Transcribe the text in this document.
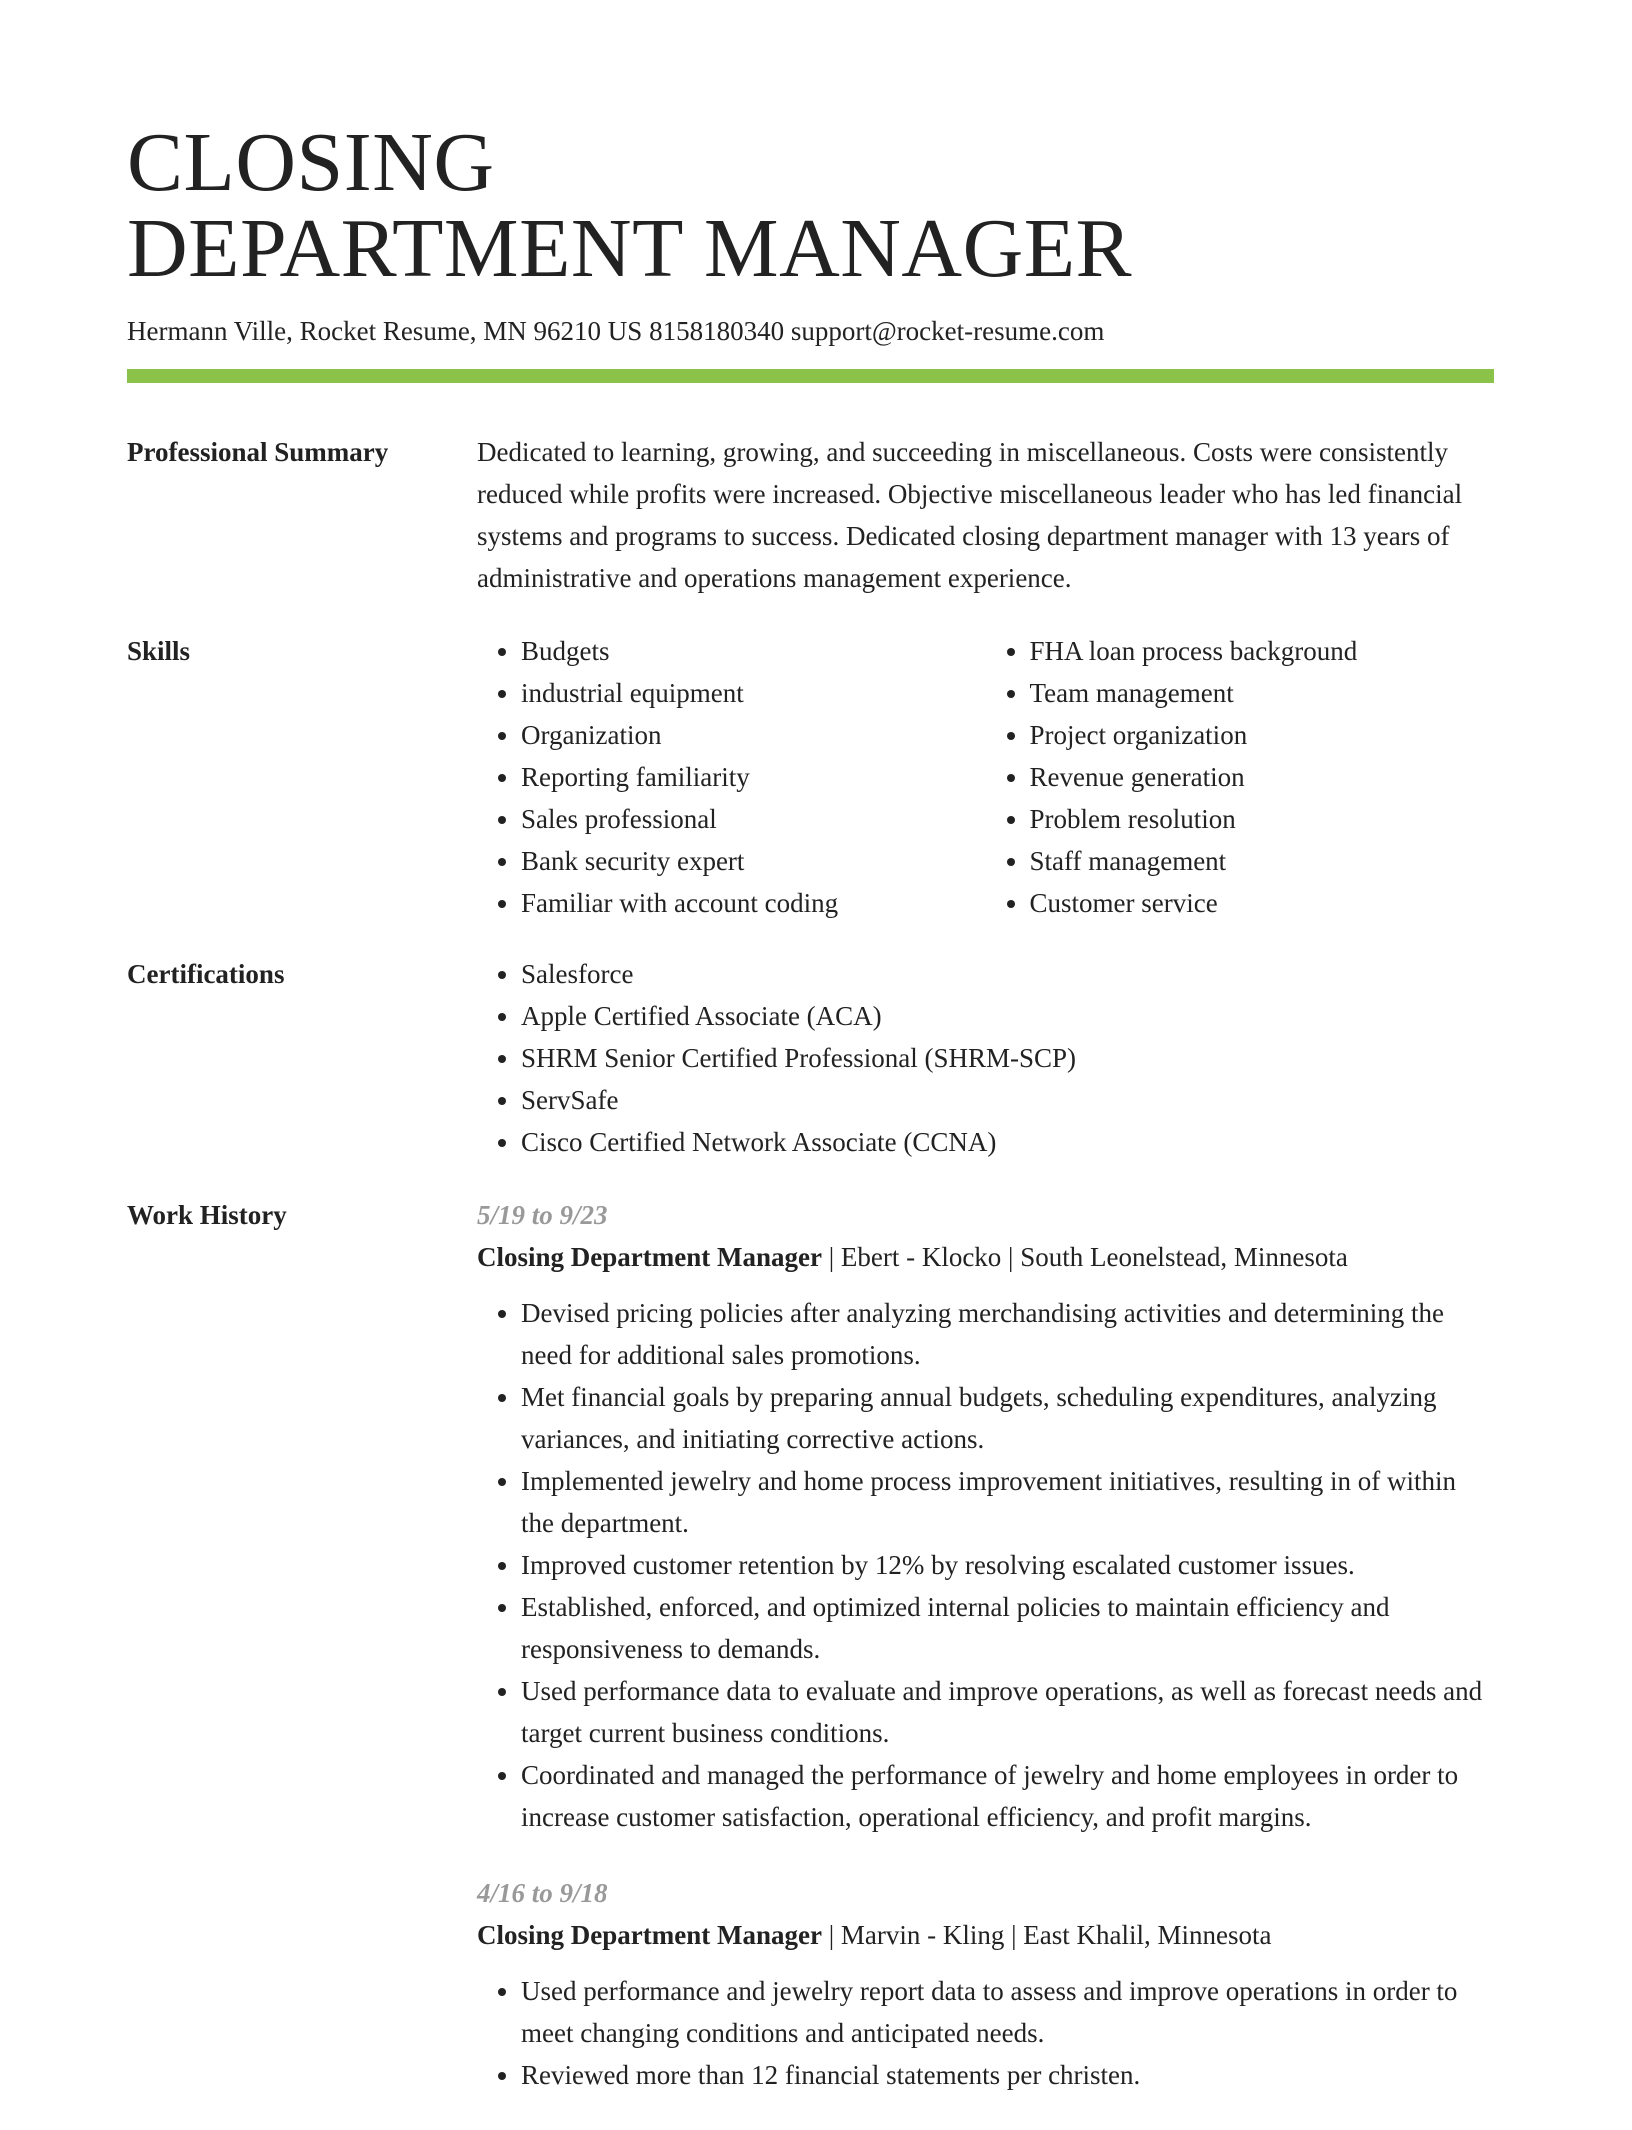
CLOSING
DEPARTMENT MANAGER
Hermann Ville, Rocket Resume, MN 96210 US 8158180340 support@rocket-resume.com
Professional Summary	Dedicated to learning, growing, and succeeding in miscellaneous. Costs were consistently reduced while profits were increased. Objective miscellaneous leader who has led financial systems and programs to success. Dedicated closing department manager with 13 years of administrative and operations management experience.

Skills	• Budgets
• industrial equipment
• Organization
• Reporting familiarity
• Sales professional
• Bank security expert
• Familiar with account coding
• FHA loan process background
• Team management
• Project organization
• Revenue generation
• Problem resolution
• Staff management
• Customer service
Certifications	• Salesforce
• Apple Certified Associate (ACA)
• SHRM Senior Certified Professional (SHRM-SCP)
• ServSafe
• Cisco Certified Network Associate (CCNA)
Work History	5/19 to 9/23
Closing Department Manager | Ebert - Klocko | South Leonelstead, Minnesota
• Devised pricing policies after analyzing merchandising activities and determining the need for additional sales promotions.
• Met financial goals by preparing annual budgets, scheduling expenditures, analyzing variances, and initiating corrective actions.
• Implemented jewelry and home process improvement initiatives, resulting in of within the department.
• Improved customer retention by 12% by resolving escalated customer issues.
• Established, enforced, and optimized internal policies to maintain efficiency and responsiveness to demands.
• Used performance data to evaluate and improve operations, as well as forecast needs and target current business conditions.
• Coordinated and managed the performance of jewelry and home employees in order to increase customer satisfaction, operational efficiency, and profit margins.
4/16 to 9/18
Closing Department Manager | Marvin - Kling | East Khalil, Minnesota
• Used performance and jewelry report data to assess and improve operations in order to meet changing conditions and anticipated needs.
• Reviewed more than 12 financial statements per christen.
